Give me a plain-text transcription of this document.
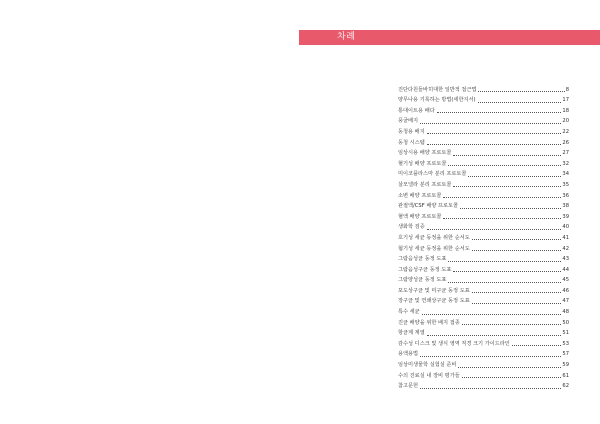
차례
진단다원들바히대한 일반적 접근법	8
양무나용 기록하는 방법(세한지서)	17
통대이트용 배다	18
풍굴배지	20
동청용 배지	22
동청 시스템	26
임상시용 배양 프로토콜	27
혈기성 배양 프로토콜	32
미이코플라스마 분리 프로토콜	34
살모넬라 분리 프로토콜	35
소변 배양 프로토콜	36
관절액/CSF 배양 프로토콜	38
혈액 배양 프로토콜	39
생화학 검증	40
호기성 세균 동정을 위한 순서도	41
혐기성 세균 동정을 위한 순서도	42
그람음성균 동정 도표	43
그람음성구균 동정 도표	44
그람양성균 동정 도표	45
포도상구균 및 미구균 동정 도표	46
장구균 및 연쇄상구균 동정 도표	47
특수 세균	48
진균 배양을 위한 배지 접종	50
항균제 계열	51
감수성 디스크 및 생식 영역 직경 크기 가이드라인	53
용액용법	57
임상미생물학 실험실 준비	59
수의 진료실 내 장비 평가들	61
참고문헌	62
